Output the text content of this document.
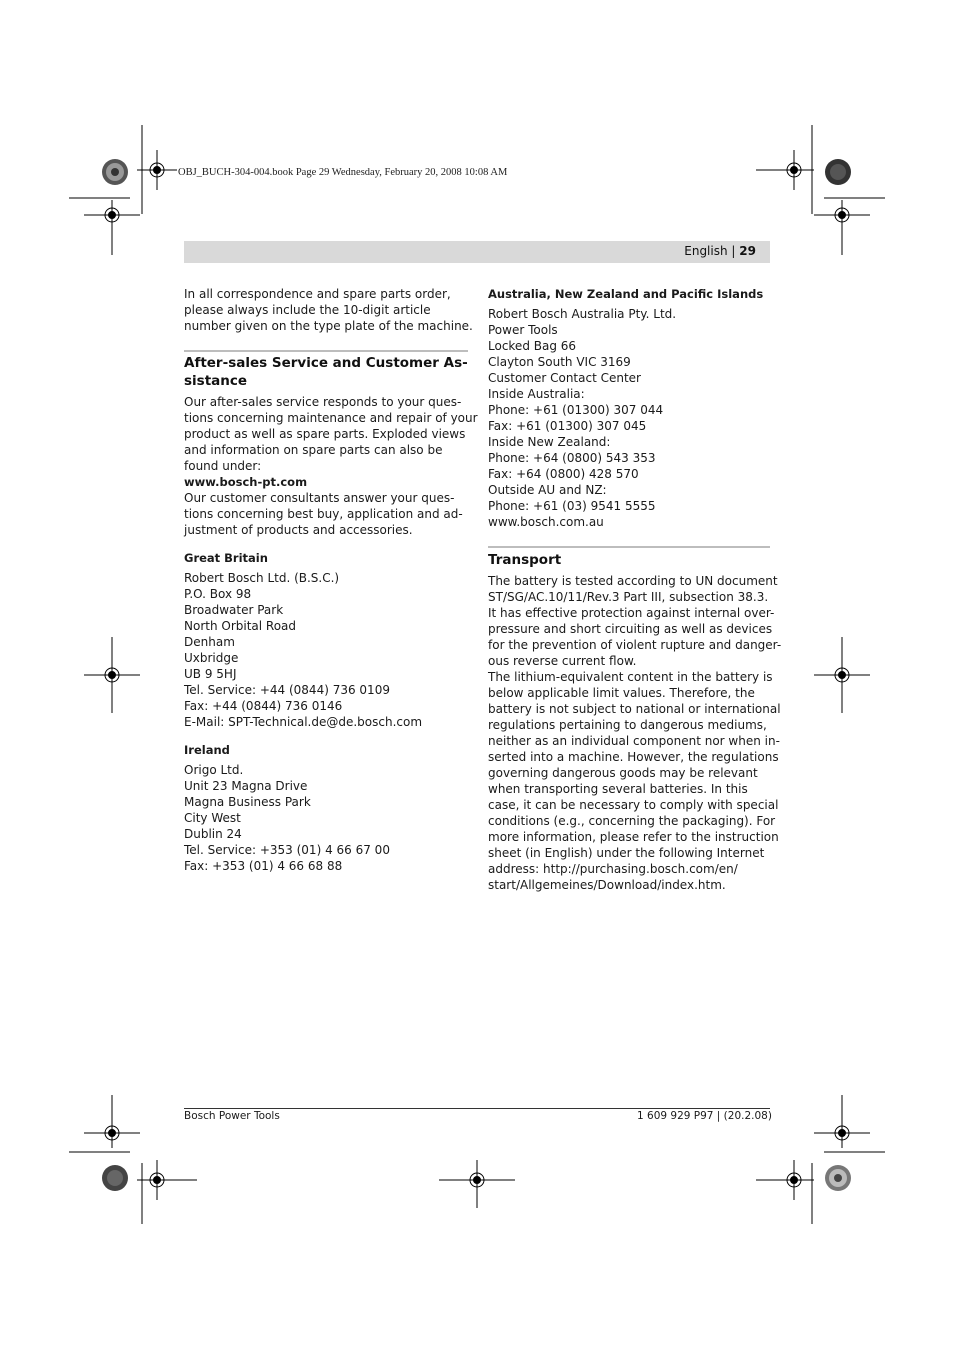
OBJ_BUCH-304-004.book Page 29 Wednesday, February 20, 2008 10:08 AM
English | 29

In all correspondence and spare parts order,
please always include the 10-digit article
number given on the type plate of the machine.

After-sales Service and Customer As-
sistance

Our after-sales service responds to your ques-
tions concerning maintenance and repair of your
product as well as spare parts. Exploded views
and information on spare parts can also be
found under:
www.bosch-pt.com
Our customer consultants answer your ques-
tions concerning best buy, application and ad-
justment of products and accessories.

Great Britain

Robert Bosch Ltd. (B.S.C.)
P.O. Box 98
Broadwater Park
North Orbital Road
Denham
Uxbridge
UB 9 5HJ
Tel. Service: +44 (0844) 736 0109
Fax: +44 (0844) 736 0146
E-Mail: SPT-Technical.de@de.bosch.com

Ireland

Origo Ltd.
Unit 23 Magna Drive
Magna Business Park
City West
Dublin 24
Tel. Service: +353 (01) 4 66 67 00
Fax: +353 (01) 4 66 68 88

Australia, New Zealand and Pacific Islands

Robert Bosch Australia Pty. Ltd.
Power Tools
Locked Bag 66
Clayton South VIC 3169
Customer Contact Center
Inside Australia:
Phone: +61 (01300) 307 044
Fax: +61 (01300) 307 045
Inside New Zealand:
Phone: +64 (0800) 543 353
Fax: +64 (0800) 428 570
Outside AU and NZ:
Phone: +61 (03) 9541 5555
www.bosch.com.au

Transport

The battery is tested according to UN document
ST/SG/AC.10/11/Rev.3 Part III, subsection 38.3.
It has effective protection against internal over-
pressure and short circuiting as well as devices
for the prevention of violent rupture and danger-
ous reverse current flow.
The lithium-equivalent content in the battery is
below applicable limit values. Therefore, the
battery is not subject to national or international
regulations pertaining to dangerous mediums,
neither as an individual component nor when in-
serted into a machine. However, the regulations
governing dangerous goods may be relevant
when transporting several batteries. In this
case, it can be necessary to comply with special
conditions (e.g., concerning the packaging). For
more information, please refer to the instruction
sheet (in English) under the following Internet
address: http://purchasing.bosch.com/en/
start/Allgemeines/Download/index.htm.

Bosch Power Tools	1 609 929 P97 | (20.2.08)
